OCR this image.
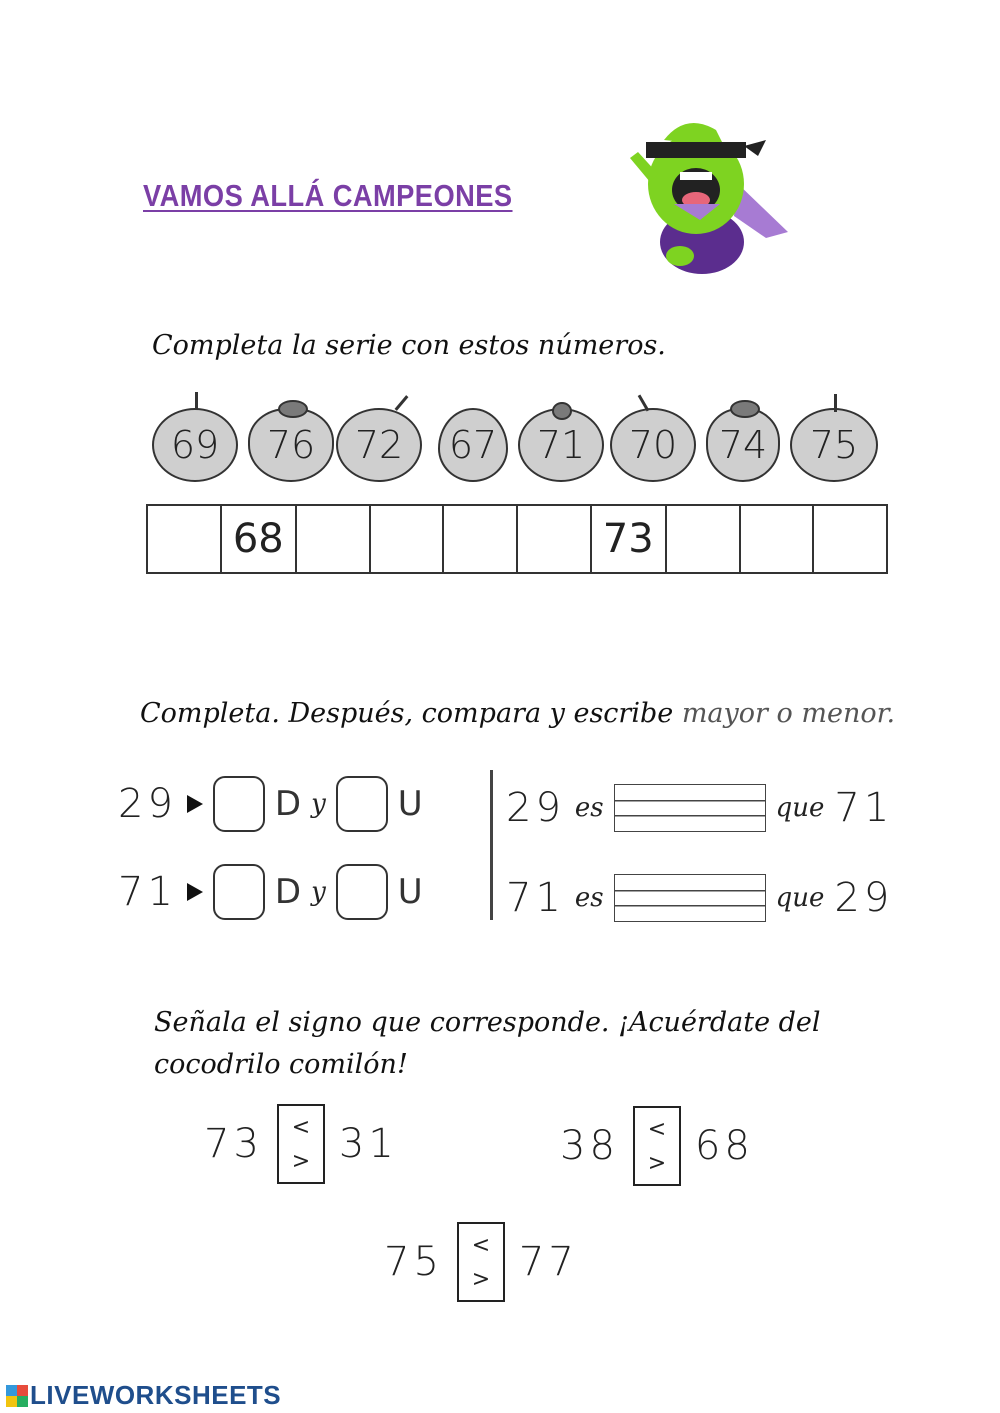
VAMOS ALLÁ CAMPEONES
Completa la serie con estos números.
69 76 72 67 71 70 74 75
	68					73			
Completa. Después, compara y escribe mayor o menor.
29	D y U
71	D y U
29 es	que 71
71 es	que 29
Señala el signo que corresponde. ¡Acuérdate del
cocodrilo comilón!
73 <
> 31	38 <
> 68
75 <
> 77
LIVEWORKSHEETS
